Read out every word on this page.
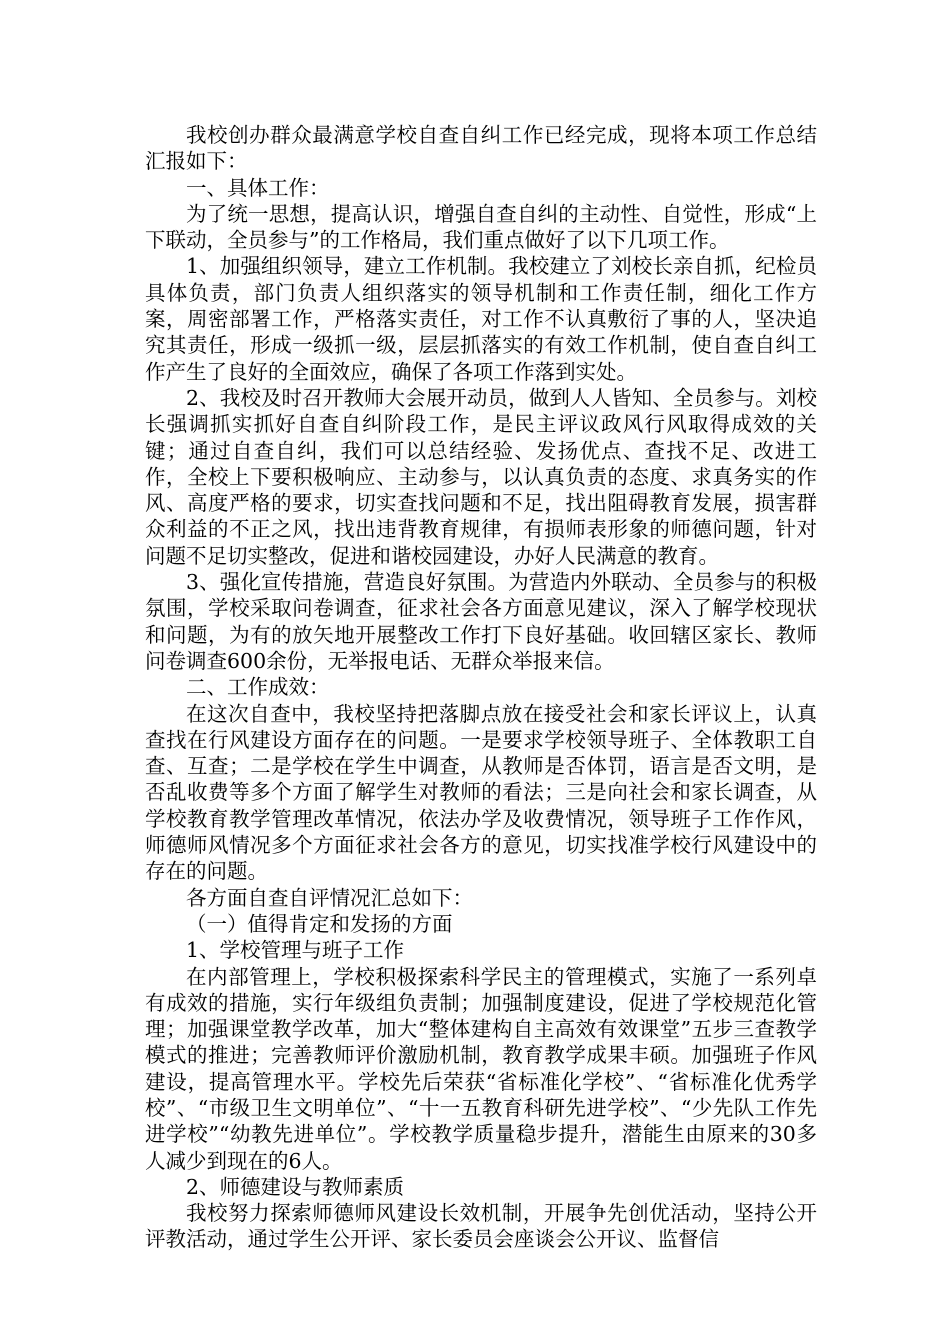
我校创办群众最满意学校自查自纠工作已经完成，现将本项工作总结汇报如下：

一、具体工作：

为了统一思想，提高认识，增强自查自纠的主动性、自觉性，形成“上下联动，全员参与”的工作格局，我们重点做好了以下几项工作。

1、加强组织领导，建立工作机制。我校建立了刘校长亲自抓，纪检员具体负责，部门负责人组织落实的领导机制和工作责任制，细化工作方案，周密部署工作，严格落实责任，对工作不认真敷衍了事的人，坚决追究其责任，形成一级抓一级，层层抓落实的有效工作机制，使自查自纠工作产生了良好的全面效应，确保了各项工作落到实处。

2、我校及时召开教师大会展开动员，做到人人皆知、全员参与。刘校长强调抓实抓好自查自纠阶段工作，是民主评议政风行风取得成效的关键；通过自查自纠，我们可以总结经验、发扬优点、查找不足、改进工作，全校上下要积极响应、主动参与，以认真负责的态度、求真务实的作风、高度严格的要求，切实查找问题和不足，找出阻碍教育发展，损害群众利益的不正之风，找出违背教育规律，有损师表形象的师德问题，针对问题不足切实整改，促进和谐校园建设，办好人民满意的教育。

3、强化宣传措施，营造良好氛围。为营造内外联动、全员参与的积极氛围，学校采取问卷调查，征求社会各方面意见建议，深入了解学校现状和问题，为有的放矢地开展整改工作打下良好基础。收回辖区家长、教师问卷调查600余份，无举报电话、无群众举报来信。

二、工作成效：

在这次自查中，我校坚持把落脚点放在接受社会和家长评议上，认真查找在行风建设方面存在的问题。一是要求学校领导班子、全体教职工自查、互查；二是学校在学生中调查，从教师是否体罚，语言是否文明，是否乱收费等多个方面了解学生对教师的看法；三是向社会和家长调查，从学校教育教学管理改革情况，依法办学及收费情况，领导班子工作作风，师德师风情况多个方面征求社会各方的意见，切实找准学校行风建设中的存在的问题。

各方面自查自评情况汇总如下：

（一）值得肯定和发扬的方面

1、学校管理与班子工作

在内部管理上，学校积极探索科学民主的管理模式，实施了一系列卓有成效的措施，实行年级组负责制；加强制度建设，促进了学校规范化管理；加强课堂教学改革，加大“整体建构自主高效有效课堂”五步三查教学模式的推进；完善教师评价激励机制，教育教学成果丰硕。加强班子作风建设，提高管理水平。学校先后荣获“省标准化学校”、“省标准化优秀学校”、“市级卫生文明单位”、“十一五教育科研先进学校”、“少先队工作先进学校”“幼教先进单位”。学校教学质量稳步提升，潜能生由原来的30多人减少到现在的6人。

2、师德建设与教师素质

我校努力探索师德师风建设长效机制，开展争先创优活动，坚持公开评教活动，通过学生公开评、家长委员会座谈会公开议、监督信
